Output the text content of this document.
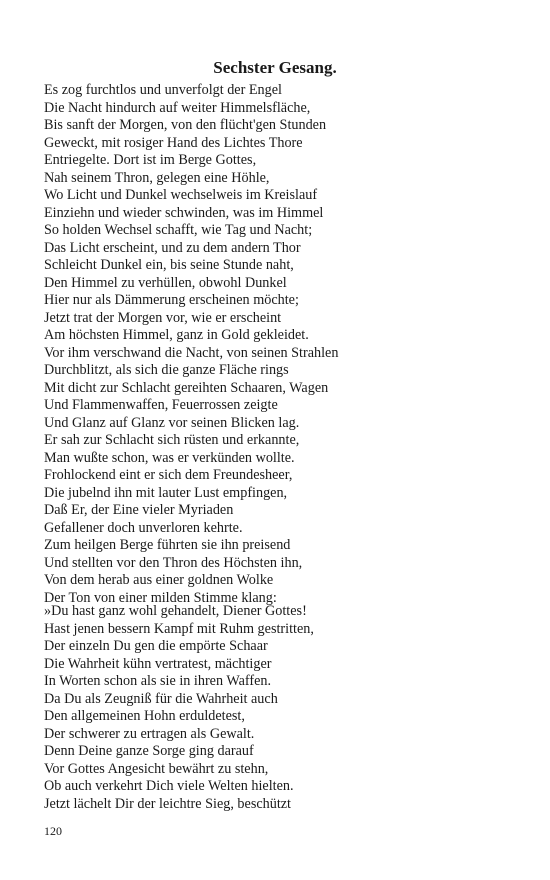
Sechster Gesang.
Es zog furchtlos und unverfolgt der Engel
Die Nacht hindurch auf weiter Himmelsfläche,
Bis sanft der Morgen, von den flücht'gen Stunden
Geweckt, mit rosiger Hand des Lichtes Thore
Entriegelte. Dort ist im Berge Gottes,
Nah seinem Thron, gelegen eine Höhle,
Wo Licht und Dunkel wechselweis im Kreislauf
Einziehn und wieder schwinden, was im Himmel
So holden Wechsel schafft, wie Tag und Nacht;
Das Licht erscheint, und zu dem andern Thor
Schleicht Dunkel ein, bis seine Stunde naht,
Den Himmel zu verhüllen, obwohl Dunkel
Hier nur als Dämmerung erscheinen möchte;
Jetzt trat der Morgen vor, wie er erscheint
Am höchsten Himmel, ganz in Gold gekleidet.
Vor ihm verschwand die Nacht, von seinen Strahlen
Durchblitzt, als sich die ganze Fläche rings
Mit dicht zur Schlacht gereihten Schaaren, Wagen
Und Flammenwaffen, Feuerrossen zeigte
Und Glanz auf Glanz vor seinen Blicken lag.
Er sah zur Schlacht sich rüsten und erkannte,
Man wußte schon, was er verkünden wollte.
Frohlockend eint er sich dem Freundesheer,
Die jubelnd ihn mit lauter Lust empfingen,
Daß Er, der Eine vieler Myriaden
Gefallener doch unverloren kehrte.
Zum heilgen Berge führten sie ihn preisend
Und stellten vor den Thron des Höchsten ihn,
Von dem herab aus einer goldnen Wolke
Der Ton von einer milden Stimme klang:
»Du hast ganz wohl gehandelt, Diener Gottes!
Hast jenen bessern Kampf mit Ruhm gestritten,
Der einzeln Du gen die empörte Schaar
Die Wahrheit kühn vertratest, mächtiger
In Worten schon als sie in ihren Waffen.
Da Du als Zeugniß für die Wahrheit auch
Den allgemeinen Hohn erduldetest,
Der schwerer zu ertragen als Gewalt.
Denn Deine ganze Sorge ging darauf
Vor Gottes Angesicht bewährt zu stehn,
Ob auch verkehrt Dich viele Welten hielten.
Jetzt lächelt Dir der leichtre Sieg, beschützt
120
